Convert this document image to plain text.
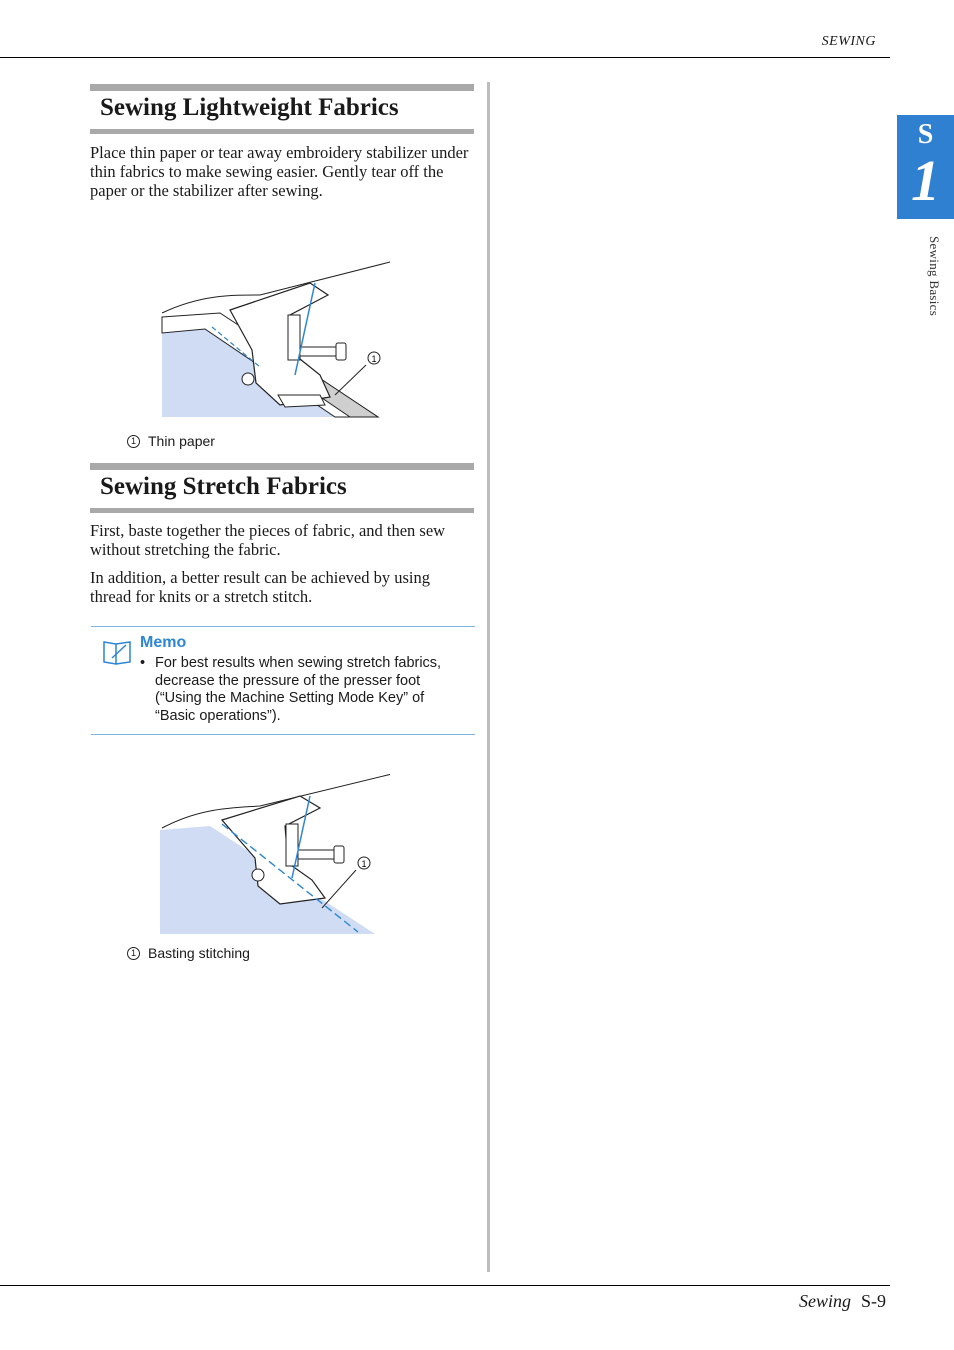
SEWING
S
1
Sewing Basics
Sewing Lightweight Fabrics

Place thin paper or tear away embroidery stabilizer under thin fabrics to make sewing easier. Gently tear off the paper or the stabilizer after sewing.

1
1 Thin paper
Sewing Stretch Fabrics

First, baste together the pieces of fabric, and then sew without stretching the fabric.

In addition, a better result can be achieved by using thread for knits or a stretch stitch.

Memo
• For best results when sewing stretch fabrics, decrease the pressure of the presser foot (“Using the Machine Setting Mode Key” of “Basic operations”).
1
1 Basting stitching
Sewing S-9
